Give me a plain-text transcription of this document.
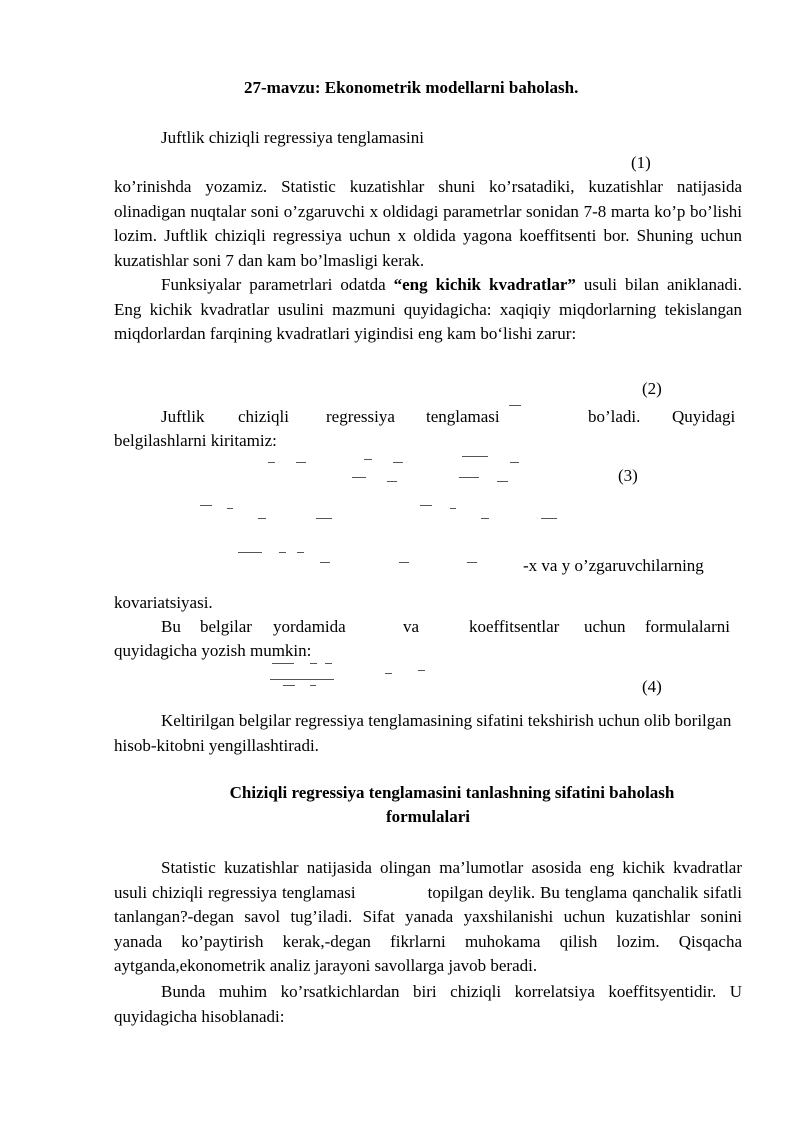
27-mavzu: Ekonometrik modellarni baholash.
Juftlik chiziqli regressiya tenglamasini
(1)
ko’rinishda yozamiz. Statistic kuzatishlar shuni ko’rsatadiki, kuzatishlar natijasida olinadigan nuqtalar soni o’zgaruvchi x oldidagi parametrlar sonidan 7-8 marta ko’p bo’lishi lozim. Juftlik chiziqli regressiya uchun x oldida yagona koeffitsenti bor. Shuning uchun kuzatishlar soni 7 dan kam bo’lmasligi kerak.
Funksiyalar parametrlari odatda “eng kichik kvadratlar” usuli bilan aniklanadi. Eng kichik kvadratlar usulini mazmuni quyidagicha: xaqiqiy miqdorlarning tekislangan miqdorlardan farqining kvadratlari yigindisi eng kam bo‘lishi zarur:
(2)
Juftlik chiziqli regressiya tenglamasi	bo’ladi. Quyidagi
belgilashlarni kiritamiz:
(3)
-x va y o’zgaruvchilarning
kovariatsiyasi.
Bu belgilar yordamida	va	koeffitsentlar uchun formulalarni
quyidagicha yozish mumkin:
(4)
Keltirilgan belgilar regressiya tenglamasining sifatini tekshirish uchun olib borilgan hisob-kitobni yengillashtiradi.
Chiziqli regressiya tenglamasini tanlashning sifatini baholash
formulalari
Statistic kuzatishlar natijasida olingan ma’lumotlar asosida eng kichik kvadratlar usuli chiziqli regressiya tenglamasi	topilgan deylik. Bu tenglama qanchalik sifatli tanlangan?-degan savol tug’iladi. Sifat yanada yaxshilanishi uchun kuzatishlar sonini yanada ko’paytirish kerak,-degan fikrlarni muhokama qilish lozim. Qisqacha aytganda,ekonometrik analiz jarayoni savollarga javob beradi.
Bunda muhim ko’rsatkichlardan biri chiziqli korrelatsiya koeffitsyentidir. U quyidagicha hisoblanadi:
